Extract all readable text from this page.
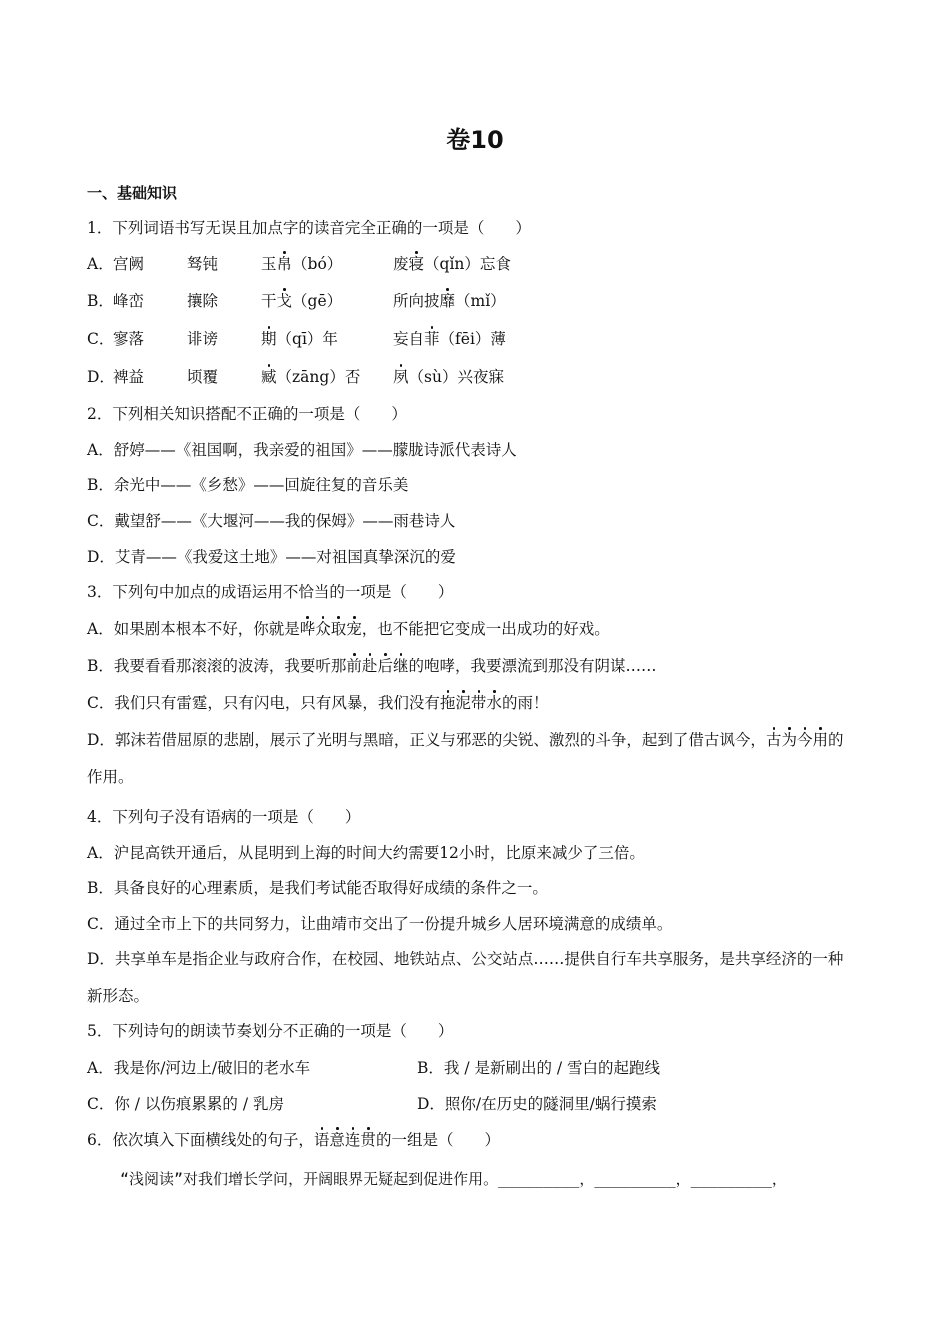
卷10
一、基础知识
1．下列词语书写无误且加点字的读音完全正确的一项是（　　）
A．宫阙	驽钝	玉帛（bó）	废寝（qǐn）忘食
B．峰峦	攘除	干戈（gē）	所向披靡（mǐ）
C．寥落	诽谤	期（qī）年	妄自菲（fēi）薄
D．裨益	顷覆	臧（zāng）否 夙（sù）兴夜寐
2．下列相关知识搭配不正确的一项是（　　）
A．舒婷——《祖国啊，我亲爱的祖国》——朦胧诗派代表诗人
B．余光中——《乡愁》——回旋往复的音乐美
C．戴望舒——《大堰河——我的保姆》——雨巷诗人
D．艾青——《我爱这土地》——对祖国真挚深沉的爱
3．下列句中加点的成语运用不恰当的一项是（　　）
A．如果剧本根本不好，你就是哗众取宠，也不能把它变成一出成功的好戏。
B．我要看看那滚滚的波涛，我要听那前赴后继的咆哮，我要漂流到那没有阴谋……
C．我们只有雷霆，只有闪电，只有风暴，我们没有拖泥带水的雨！
D．郭沫若借屈原的悲剧，展示了光明与黑暗，正义与邪恶的尖锐、激烈的斗争，起到了借古讽今，古为今用的作用。
4．下列句子没有语病的一项是（　　）
A．沪昆高铁开通后，从昆明到上海的时间大约需要12小时，比原来减少了三倍。
B．具备良好的心理素质，是我们考试能否取得好成绩的条件之一。
C．通过全市上下的共同努力，让曲靖市交出了一份提升城乡人居环境满意的成绩单。
D．共享单车是指企业与政府合作，在校园、地铁站点、公交站点……提供自行车共享服务，是共享经济的一种新形态。
5．下列诗句的朗读节奏划分不正确的一项是（　　）
A．我是你/河边上/破旧的老水车	B．我 / 是新刷出的 / 雪白的起跑线
C．你 / 以伤痕累累的 / 乳房	D．照你/在历史的隧洞里/蜗行摸索
6．依次填入下面横线处的句子，语意连贯的一组是（　　）
“浅阅读”对我们增长学问，开阔眼界无疑起到促进作用。_________，_________，_________，
